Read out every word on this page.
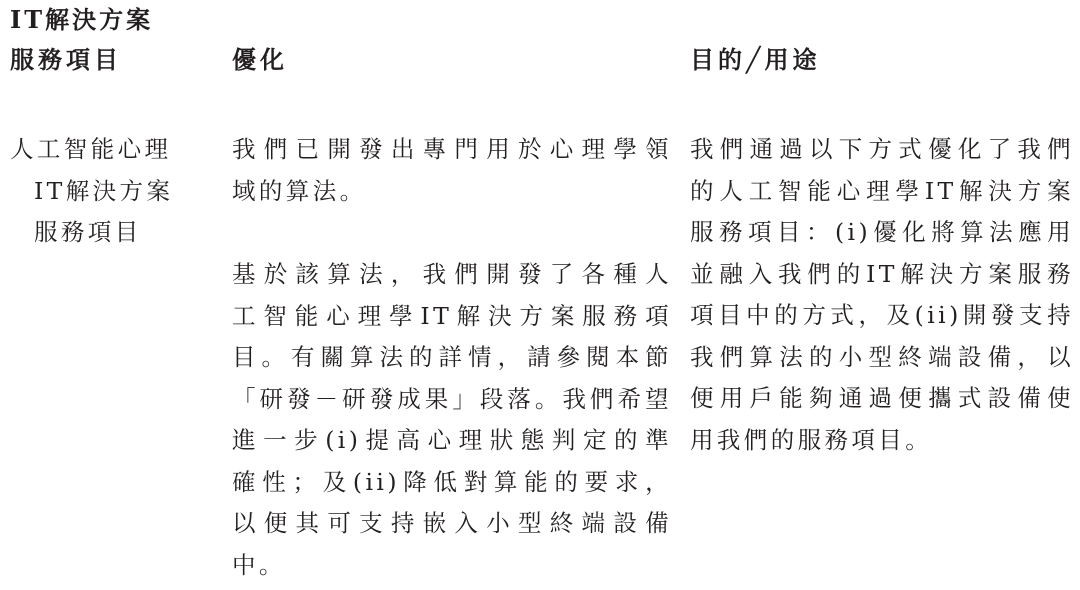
IT解決方案
服務項目	優化	目的╱用途
人工智能心理
IT解決方案
服務項目
我們已開發出專門用於心理學領
域的算法。
基於該算法，我們開發了各種人
工智能心理學IT解決方案服務項
目。有關算法的詳情，請參閱本節
「研發－研發成果」段落。我們希望
進一步(i)提高心理狀態判定的準
確性；及(ii)降低對算能的要求，
以便其可支持嵌入小型終端設備
中。
我們通過以下方式優化了我們
的人工智能心理學IT解決方案
服務項目：(i)優化將算法應用
並融入我們的IT解決方案服務
項目中的方式，及(ii)開發支持
我們算法的小型終端設備，以
便用戶能夠通過便攜式設備使
用我們的服務項目。
